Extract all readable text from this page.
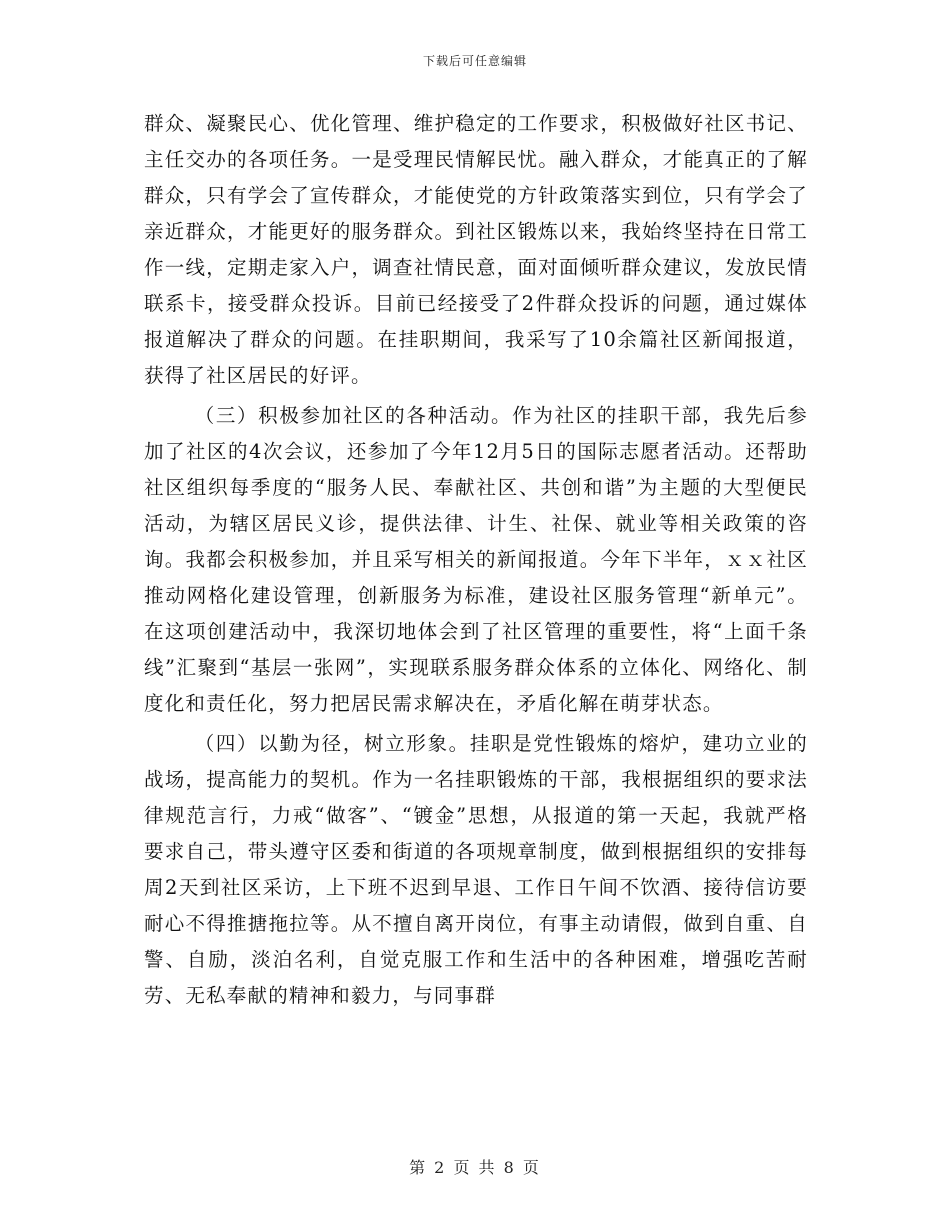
下载后可任意编辑

群众、凝聚民心、优化管理、维护稳定的工作要求，积极做好社区书记、主任交办的各项任务。一是受理民情解民忧。融入群众，才能真正的了解群众，只有学会了宣传群众，才能使党的方针政策落实到位，只有学会了亲近群众，才能更好的服务群众。到社区锻炼以来，我始终坚持在日常工作一线，定期走家入户，调查社情民意，面对面倾听群众建议，发放民情联系卡，接受群众投诉。目前已经接受了2件群众投诉的问题，通过媒体报道解决了群众的问题。在挂职期间，我采写了10余篇社区新闻报道，获得了社区居民的好评。

（三）积极参加社区的各种活动。作为社区的挂职干部，我先后参加了社区的4次会议，还参加了今年12月5日的国际志愿者活动。还帮助社区组织每季度的“服务人民、奉献社区、共创和谐”为主题的大型便民活动，为辖区居民义诊，提供法律、计生、社保、就业等相关政策的咨询。我都会积极参加，并且采写相关的新闻报道。今年下半年，ｘｘ社区推动网格化建设管理，创新服务为标准，建设社区服务管理“新单元”。在这项创建活动中，我深切地体会到了社区管理的重要性，将“上面千条线”汇聚到“基层一张网”，实现联系服务群众体系的立体化、网络化、制度化和责任化，努力把居民需求解决在，矛盾化解在萌芽状态。

（四）以勤为径，树立形象。挂职是党性锻炼的熔炉，建功立业的战场，提高能力的契机。作为一名挂职锻炼的干部，我根据组织的要求法律规范言行，力戒“做客”、“镀金”思想，从报道的第一天起，我就严格要求自己，带头遵守区委和街道的各项规章制度，做到根据组织的安排每周2天到社区采访，上下班不迟到早退、工作日午间不饮酒、接待信访要耐心不得推搪拖拉等。从不擅自离开岗位，有事主动请假，做到自重、自警、自励，淡泊名利，自觉克服工作和生活中的各种困难，增强吃苦耐劳、无私奉献的精神和毅力，与同事群

第 2 页 共 8 页
